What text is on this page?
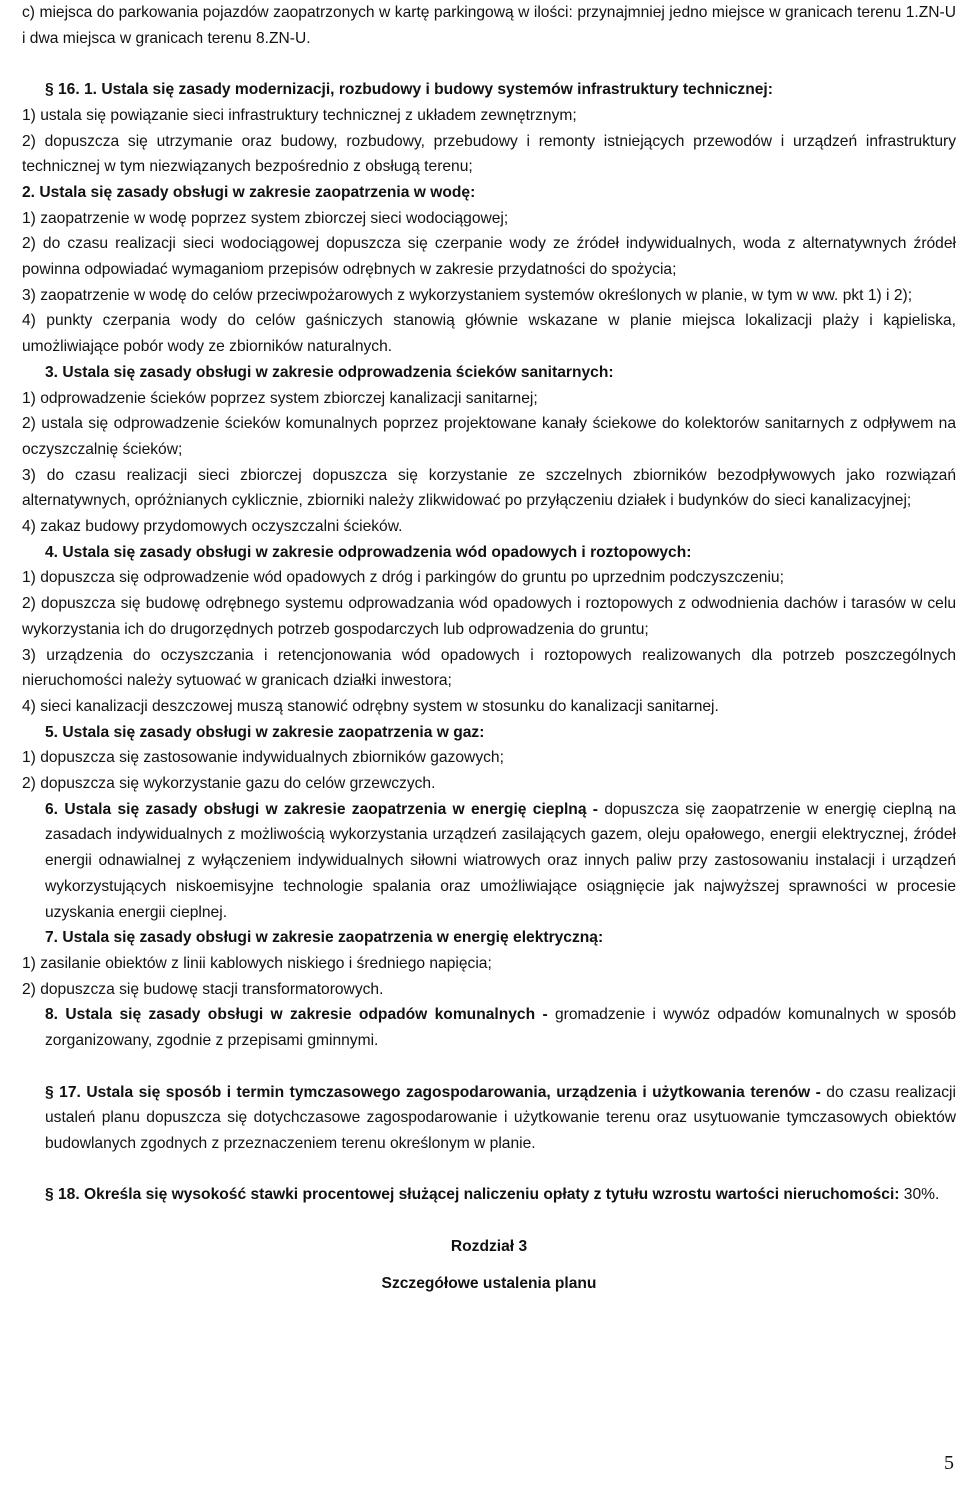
c) miejsca do parkowania pojazdów zaopatrzonych w kartę parkingową w ilości: przynajmniej jedno miejsce w granicach terenu 1.ZN-U i dwa miejsca w granicach terenu 8.ZN-U.

§ 16. 1. Ustala się zasady modernizacji, rozbudowy i budowy systemów infrastruktury technicznej:

1) ustala się powiązanie sieci infrastruktury technicznej z układem zewnętrznym;

2) dopuszcza się utrzymanie oraz budowy, rozbudowy, przebudowy i remonty istniejących przewodów i urządzeń infrastruktury technicznej w tym niezwiązanych bezpośrednio z obsługą terenu;

2. Ustala się zasady obsługi w zakresie zaopatrzenia w wodę:

1) zaopatrzenie w wodę poprzez system zbiorczej sieci wodociągowej;

2) do czasu realizacji sieci wodociągowej dopuszcza się czerpanie wody ze źródeł indywidualnych, woda z alternatywnych źródeł powinna odpowiadać wymaganiom przepisów odrębnych w zakresie przydatności do spożycia;

3) zaopatrzenie w wodę do celów przeciwpożarowych z wykorzystaniem systemów określonych w planie, w tym w ww. pkt 1) i 2);

4) punkty czerpania wody do celów gaśniczych stanowią głównie wskazane w planie miejsca lokalizacji plaży i kąpieliska, umożliwiające pobór wody ze zbiorników naturalnych.

3. Ustala się zasady obsługi w zakresie odprowadzenia ścieków sanitarnych:

1) odprowadzenie ścieków poprzez system zbiorczej kanalizacji sanitarnej;

2) ustala się odprowadzenie ścieków komunalnych poprzez projektowane kanały ściekowe do kolektorów sanitarnych z odpływem na oczyszczalnię ścieków;

3) do czasu realizacji sieci zbiorczej dopuszcza się korzystanie ze szczelnych zbiorników bezodpływowych jako rozwiązań alternatywnych, opróżnianych cyklicznie, zbiorniki należy zlikwidować po przyłączeniu działek i budynków do sieci kanalizacyjnej;

4) zakaz budowy przydomowych oczyszczalni ścieków.

4. Ustala się zasady obsługi w zakresie odprowadzenia wód opadowych i roztopowych:

1) dopuszcza się odprowadzenie wód opadowych z dróg i parkingów do gruntu po uprzednim podczyszczeniu;

2) dopuszcza się budowę odrębnego systemu odprowadzania wód opadowych i roztopowych z odwodnienia dachów i tarasów w celu wykorzystania ich do drugorzędnych potrzeb gospodarczych lub odprowadzenia do gruntu;

3) urządzenia do oczyszczania i retencjonowania wód opadowych i roztopowych realizowanych dla potrzeb poszczególnych nieruchomości należy sytuować w granicach działki inwestora;

4) sieci kanalizacji deszczowej muszą stanowić odrębny system w stosunku do kanalizacji sanitarnej.

5. Ustala się zasady obsługi w zakresie zaopatrzenia w gaz:

1) dopuszcza się zastosowanie indywidualnych zbiorników gazowych;

2) dopuszcza się wykorzystanie gazu do celów grzewczych.

6. Ustala się zasady obsługi w zakresie zaopatrzenia w energię cieplną - dopuszcza się zaopatrzenie w energię cieplną na zasadach indywidualnych z możliwością wykorzystania urządzeń zasilających gazem, oleju opałowego, energii elektrycznej, źródeł energii odnawialnej z wyłączeniem indywidualnych siłowni wiatrowych oraz innych paliw przy zastosowaniu instalacji i urządzeń wykorzystujących niskoemisyjne technologie spalania oraz umożliwiające osiągnięcie jak najwyższej sprawności w procesie uzyskania energii cieplnej.

7. Ustala się zasady obsługi w zakresie zaopatrzenia w energię elektryczną:

1) zasilanie obiektów z linii kablowych niskiego i średniego napięcia;

2) dopuszcza się budowę stacji transformatorowych.

8. Ustala się zasady obsługi w zakresie odpadów komunalnych - gromadzenie i wywóz odpadów komunalnych w sposób zorganizowany, zgodnie z przepisami gminnymi.

§ 17. Ustala się sposób i termin tymczasowego zagospodarowania, urządzenia i użytkowania terenów - do czasu realizacji ustaleń planu dopuszcza się dotychczasowe zagospodarowanie i użytkowanie terenu oraz usytuowanie tymczasowych obiektów budowlanych zgodnych z przeznaczeniem terenu określonym w planie.

§ 18. Określa się wysokość stawki procentowej służącej naliczeniu opłaty z tytułu wzrostu wartości nieruchomości: 30%.

Rozdział 3

Szczegółowe ustalenia planu

5
